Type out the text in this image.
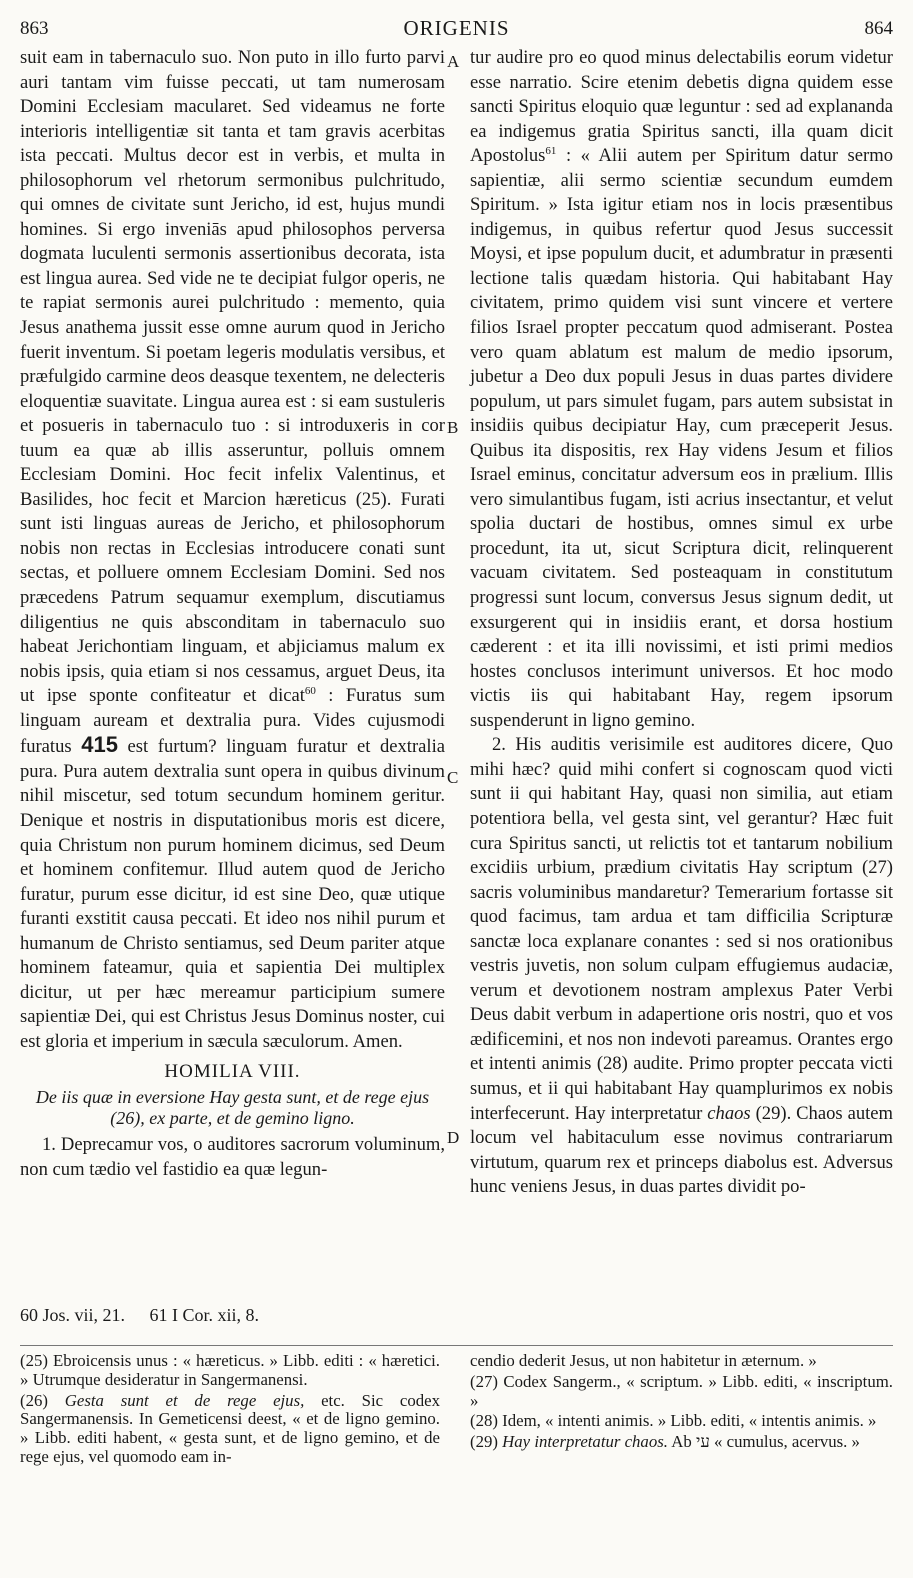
863	ORIGENIS	864
A
B
C
D

suit eam in tabernaculo suo. Non puto in illo furto parvi auri tantam vim fuisse peccati, ut tam numerosam Domini Ecclesiam macularet. Sed videamus ne forte interioris intelligentiæ sit tanta et tam gravis acerbitas ista peccati. Multus decor est in verbis, et multa in philosophorum vel rhetorum sermonibus pulchritudo, qui omnes de civitate sunt Jericho, id est, hujus mundi homines. Si ergo inveniās apud philosophos perversa dogmata luculenti sermonis assertionibus decorata, ista est lingua aurea. Sed vide ne te decipiat fulgor operis, ne te rapiat sermonis aurei pulchritudo : memento, quia Jesus anathema jussit esse omne aurum quod in Jericho fuerit inventum. Si poetam legeris modulatis versibus, et præfulgido carmine deos deasque texentem, ne delecteris eloquentiæ suavitate. Lingua aurea est : si eam sustuleris et posueris in tabernaculo tuo : si introduxeris in cor tuum ea quæ ab illis asseruntur, polluis omnem Ecclesiam Domini. Hoc fecit infelix Valentinus, et Basilides, hoc fecit et Marcion hæreticus (25). Furati sunt isti linguas aureas de Jericho, et philosophorum nobis non rectas in Ecclesias introducere conati sunt sectas, et polluere omnem Ecclesiam Domini. Sed nos præcedens Patrum sequamur exemplum, discutiamus diligentius ne quis absconditam in tabernaculo suo habeat Jerichontiam linguam, et abjiciamus malum ex nobis ipsis, quia etiam si nos cessamus, arguet Deus, ita ut ipse sponte confiteatur et dicat$^{60}$ : Furatus sum linguam auream et dextralia pura. Vides cujusmodi furatus 415 est furtum? linguam furatur et dextralia pura. Pura autem dextralia sunt opera in quibus divinum nihil miscetur, sed totum secundum hominem geritur. Denique et nostris in disputationibus moris est dicere, quia Christum non purum hominem dicimus, sed Deum et hominem confitemur. Illud autem quod de Jericho furatur, purum esse dicitur, id est sine Deo, quæ utique furanti exstitit causa peccati. Et ideo nos nihil purum et humanum de Christo sentiamus, sed Deum pariter atque hominem fateamur, quia et sapientia Dei multiplex dicitur, ut per hæc mereamur participium sumere sapientiæ Dei, qui est Christus Jesus Dominus noster, cui est gloria et imperium in sæcula sæculorum. Amen.

HOMILIA VIII.
De iis quæ in eversione Hay gesta sunt, et de rege ejus (26), ex parte, et de gemino ligno.

1. Deprecamur vos, o auditores sacrorum voluminum, non cum tædio vel fastidio ea quæ legun-

tur audire pro eo quod minus delectabilis eorum videtur esse narratio. Scire etenim debetis digna quidem esse sancti Spiritus eloquio quæ leguntur : sed ad explananda ea indigemus gratia Spiritus sancti, illa quam dicit Apostolus$^{61}$ : « Alii autem per Spiritum datur sermo sapientiæ, alii sermo scientiæ secundum eumdem Spiritum. » Ista igitur etiam nos in locis præsentibus indigemus, in quibus refertur quod Jesus successit Moysi, et ipse populum ducit, et adumbratur in præsenti lectione talis quædam historia. Qui habitabant Hay civitatem, primo quidem visi sunt vincere et vertere filios Israel propter peccatum quod admiserant. Postea vero quam ablatum est malum de medio ipsorum, jubetur a Deo dux populi Jesus in duas partes dividere populum, ut pars simulet fugam, pars autem subsistat in insidiis quibus decipiatur Hay, cum præceperit Jesus. Quibus ita dispositis, rex Hay videns Jesum et filios Israel eminus, concitatur adversum eos in prælium. Illis vero simulantibus fugam, isti acrius insectantur, et velut spolia ductari de hostibus, omnes simul ex urbe procedunt, ita ut, sicut Scriptura dicit, relinquerent vacuam civitatem. Sed posteaquam in constitutum progressi sunt locum, conversus Jesus signum dedit, ut exsurgerent qui in insidiis erant, et dorsa hostium cæderent : et ita illi novissimi, et isti primi medios hostes conclusos interimunt universos. Et hoc modo victis iis qui habitabant Hay, regem ipsorum suspenderunt in ligno gemino.

2. His auditis verisimile est auditores dicere, Quo mihi hæc? quid mihi confert si cognoscam quod victi sunt ii qui habitant Hay, quasi non similia, aut etiam potentiora bella, vel gesta sint, vel gerantur? Hæc fuit cura Spiritus sancti, ut relictis tot et tantarum nobilium excidiis urbium, prædium civitatis Hay scriptum (27) sacris voluminibus mandaretur? Temerarium fortasse sit quod facimus, tam ardua et tam difficilia Scripturæ sanctæ loca explanare conantes : sed si nos orationibus vestris juvetis, non solum culpam effugiemus audaciæ, verum et devotionem nostram amplexus Pater Verbi Deus dabit verbum in adapertione oris nostri, quo et vos ædificemini, et nos non indevoti pareamus. Orantes ergo et intenti animis (28) audite. Primo propter peccata victi sumus, et ii qui habitabant Hay quamplurimos ex nobis interfecerunt. Hay interpretatur chaos (29). Chaos autem locum vel habitaculum esse novimus contrariarum virtutum, quarum rex et princeps diabolus est. Adversus hunc veniens Jesus, in duas partes dividit po-

60 Jos. vii, 21. 61 I Cor. xii, 8.

(25) Ebroicensis unus : « hæreticus. » Libb. editi : « hæretici. » Utrumque desideratur in Sangermanensi.

(26) Gesta sunt et de rege ejus, etc. Sic codex Sangermanensis. In Gemeticensi deest, « et de ligno gemino. » Libb. editi habent, « gesta sunt, et de ligno gemino, et de rege ejus, vel quomodo eam in-

cendio dederit Jesus, ut non habitetur in æternum. »

(27) Codex Sangerm., « scriptum. » Libb. editi, « inscriptum. »

(28) Idem, « intenti animis. » Libb. editi, « intentis animis. »

(29) Hay interpretatur chaos. Ab עי « cumulus, acervus. »
